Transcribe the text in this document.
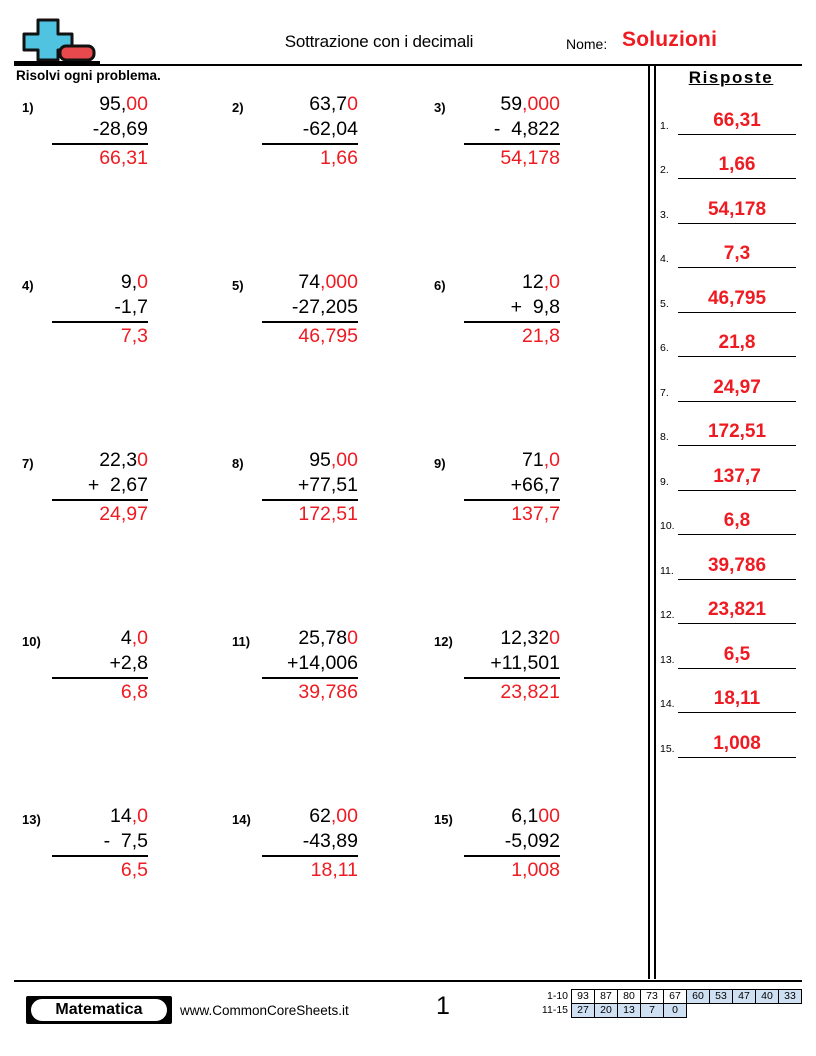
Sottrazione con i decimali	Nome: Soluzioni
Risolvi ogni problema.
1)	95,00
-28,69
66,31
2)	63,70
-62,04
1,66
3)	59,000
-  4,822
54,178
4)	9,0
-1,7
7,3
5)	74,000
-27,205
46,795
6)	12,0
+  9,8
21,8
7)	22,30
+  2,67
24,97
8)	95,00
+77,51
172,51
9)	71,0
+66,7
137,7
10)	4,0
+2,8
6,8
11)	25,780
+14,006
39,786
12)	12,320
+11,501
23,821
13)	14,0
-  7,5
6,5
14)	62,00
-43,89
18,11
15)	6,100
-5,092
1,008
Risposte
1.	66,31
2.	1,66
3.	54,178
4.	7,3
5.	46,795
6.	21,8
7.	24,97
8.	172,51
9.	137,7
10.	6,8
11.	39,786
12.	23,821
13.	6,5
14.	18,11
15.	1,008
Matematica	www.CommonCoreSheets.it	1	1-10 93	87	80	73	67	60	53	47	40	33
11-15 27	20	13	7	0
